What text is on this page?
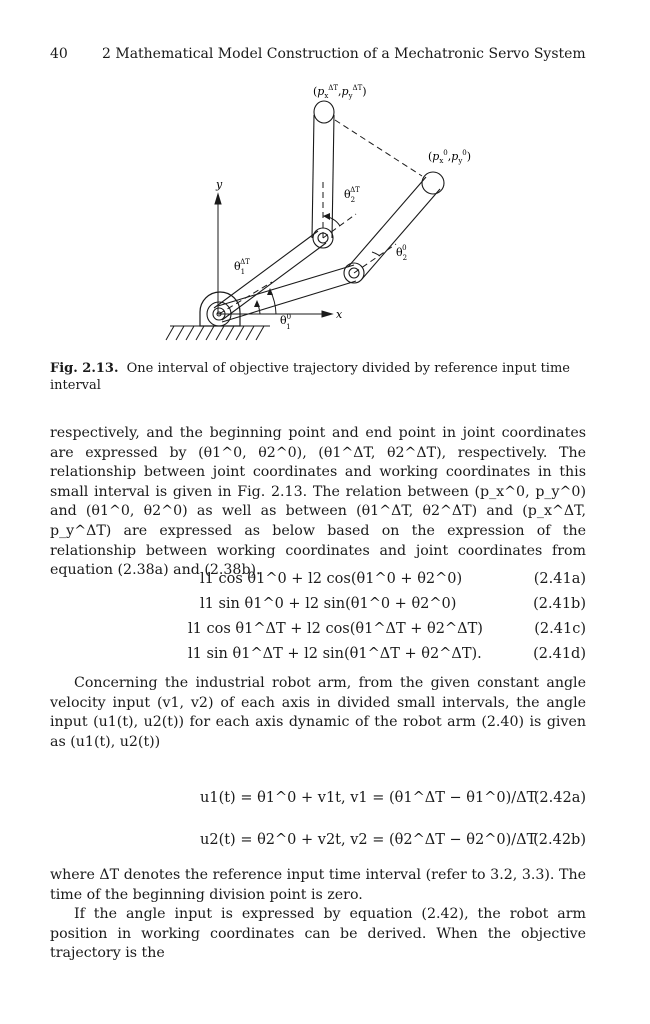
40 2 Mathematical Model Construction of a Mechatronic Servo System
$(p_x^{\Delta T},p_y^{\Delta T})$
$(p_x^0,p_y^0)$
y
x
$\theta_2\Delta T$
$\theta_20$
$\theta_1\Delta T$
$\theta^0$ 1
Fig. 2.13. One interval of objective trajectory divided by reference input time interval
respectively, and the beginning point and end point in joint coordinates are expressed by (θ1^0, θ2^0), (θ1^ΔT, θ2^ΔT), respectively. The relationship between joint coordinates and working coordinates in this small interval is given in Fig. 2.13. The relation between (p_x^0, p_y^0) and (θ1^0, θ2^0) as well as between (θ1^ΔT, θ2^ΔT) and (p_x^ΔT, p_y^ΔT) are expressed as below based on the expression of the relationship between working coordinates and joint coordinates from equation (2.38a) and (2.38b).
l1 cos θ1^0 + l2 cos(θ1^0 + θ2^0)	(2.41a)
l1 sin θ1^0 + l2 sin(θ1^0 + θ2^0)	(2.41b)
l1 cos θ1^ΔT + l2 cos(θ1^ΔT + θ2^ΔT)	(2.41c)
l1 sin θ1^ΔT + l2 sin(θ1^ΔT + θ2^ΔT).	(2.41d)
Concerning the industrial robot arm, from the given constant angle velocity input (v1, v2) of each axis in divided small intervals, the angle input (u1(t), u2(t)) for each axis dynamic of the robot arm (2.40) is given as (u1(t), u2(t))
u1(t) = θ1^0 + v1t, v1 = (θ1^ΔT − θ1^0)/ΔT
(2.42a)
u2(t) = θ2^0 + v2t, v2 = (θ2^ΔT − θ2^0)/ΔT
(2.42b)
where ΔT denotes the reference input time interval (refer to 3.2, 3.3). The time of the beginning division point is zero.
If the angle input is expressed by equation (2.42), the robot arm position in working coordinates can be derived. When the objective trajectory is the
